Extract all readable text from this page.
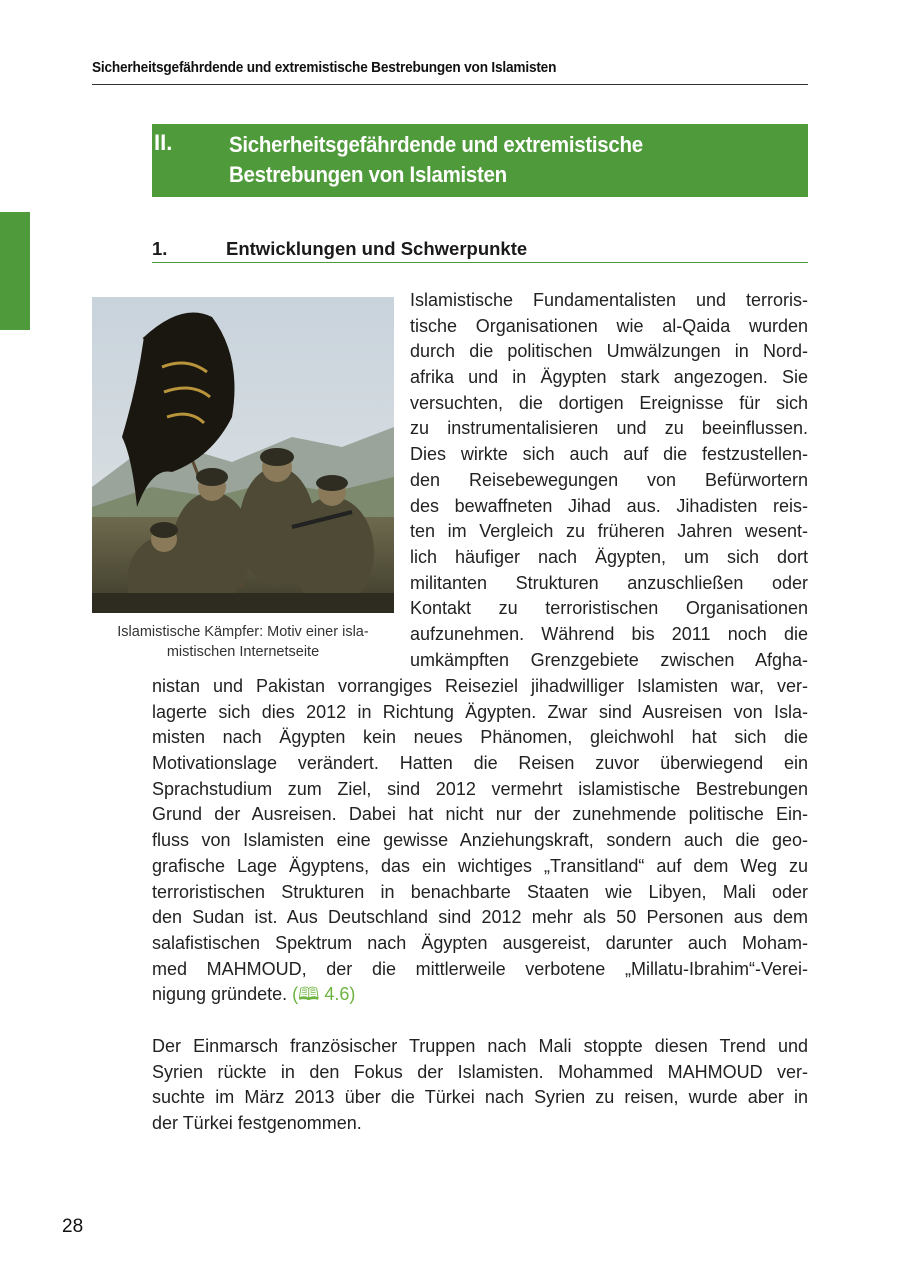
Sicherheitsgefährdende und extremistische Bestrebungen von Islamisten
II.	Sicherheitsgefährdende und extremistische
Bestrebungen von Islamisten
1.	Entwicklungen und Schwerpunkte
Islamistische Kämpfer: Motiv einer isla-
mistischen Internetseite
Islamistische Fundamentalisten und terroris-
tische Organisationen wie al-Qaida wurden
durch die politischen Umwälzungen in Nord-
afrika und in Ägypten stark angezogen. Sie
versuchten, die dortigen Ereignisse für sich
zu instrumentalisieren und zu beeinflussen.
Dies wirkte sich auch auf die festzustellen-
den Reisebewegungen von Befürwortern
des bewaffneten Jihad aus. Jihadisten reis-
ten im Vergleich zu früheren Jahren wesent-
lich häufiger nach Ägypten, um sich dort
militanten Strukturen anzuschließen oder
Kontakt zu terroristischen Organisationen
aufzunehmen. Während bis 2011 noch die
umkämpften Grenzgebiete zwischen Afgha-
nistan und Pakistan vorrangiges Reiseziel jihadwilliger Islamisten war, ver-
lagerte sich dies 2012 in Richtung Ägypten. Zwar sind Ausreisen von Isla-
misten nach Ägypten kein neues Phänomen, gleichwohl hat sich die
Motivationslage verändert. Hatten die Reisen zuvor überwiegend ein
Sprachstudium zum Ziel, sind 2012 vermehrt islamistische Bestrebungen
Grund der Ausreisen. Dabei hat nicht nur der zunehmende politische Ein-
fluss von Islamisten eine gewisse Anziehungskraft, sondern auch die geo-
grafische Lage Ägyptens, das ein wichtiges „Transitland“ auf dem Weg zu
terroristischen Strukturen in benachbarte Staaten wie Libyen, Mali oder
den Sudan ist. Aus Deutschland sind 2012 mehr als 50 Personen aus dem
salafistischen Spektrum nach Ägypten ausgereist, darunter auch Moham-
med MAHMOUD, der die mittlerweile verbotene „Millatu-Ibrahim“-Verei-
nigung gründete. (🕮 4.6)
Der Einmarsch französischer Truppen nach Mali stoppte diesen Trend und
Syrien rückte in den Fokus der Islamisten. Mohammed MAHMOUD ver-
suchte im März 2013 über die Türkei nach Syrien zu reisen, wurde aber in
der Türkei festgenommen.
28
